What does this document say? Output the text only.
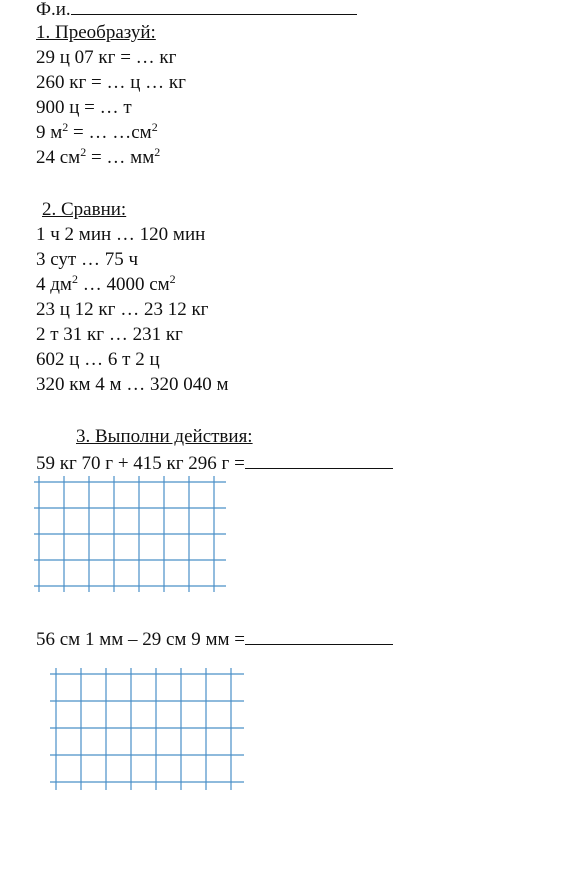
Ф.и.
1. Преобразуй:
29 ц 07 кг = … кг
260 кг = … ц … кг
900 ц = … т
9 $м^2$ = … $\dots см^2$
24 $см^2$ = … $мм^2$
2. Сравни:
1 ч 2 мин … 120 мин
3 сут … 75 ч
4 $дм^2$ … 4000 $см^2$
23 ц 12 кг … 23 12 кг
2 т 31 кг … 231 кг
602 ц … 6 т 2 ц
320 км 4 м … 320 040 м
3. Выполни действия:
59 кг 70 г + 415 кг 296 г =
56 см 1 мм – 29 см 9 мм =
